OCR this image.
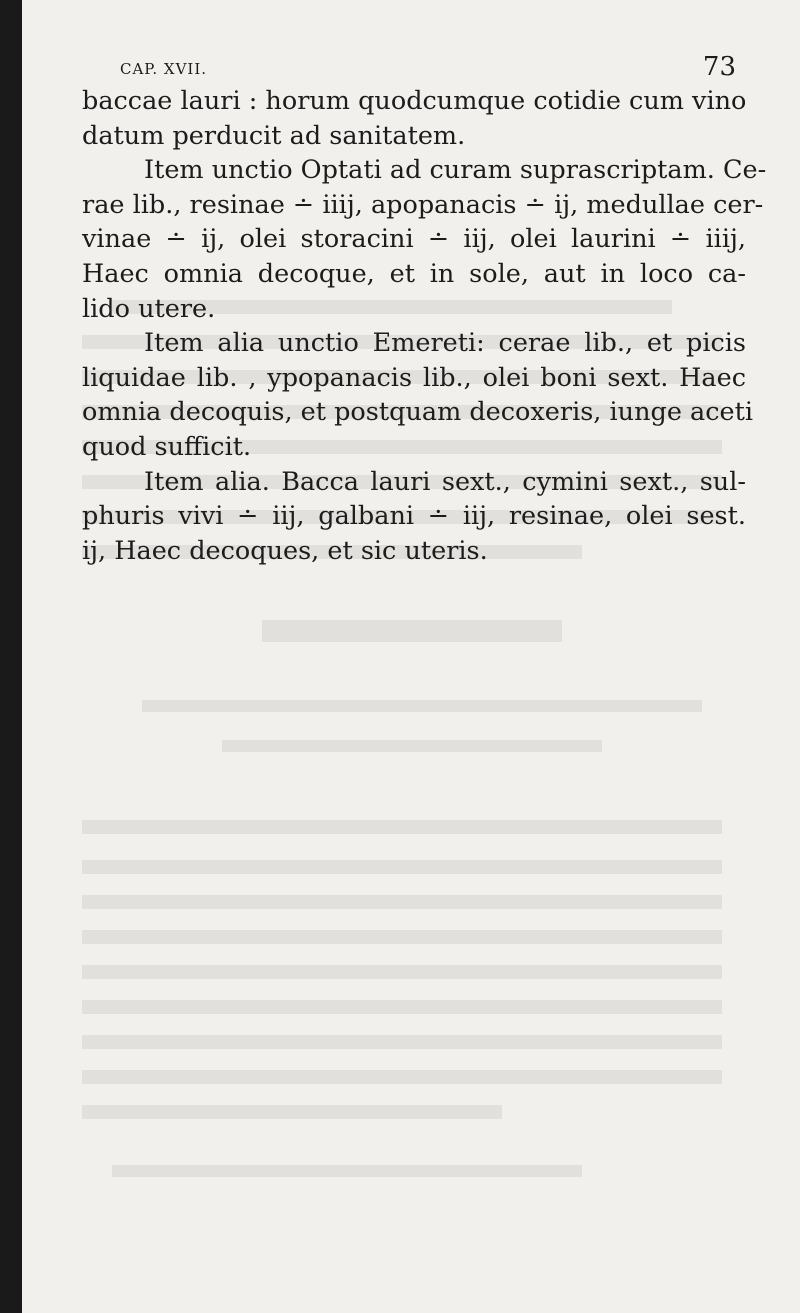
CAP. XVII.	73
baccae lauri : horum quodcumque cotidie cum vino
datum perducit ad sanitatem.
Item unctio Optati ad curam suprascriptam. Ce-
rae lib., resinae ∸ iiij, apopanacis ∸ ij, medullae cer-
vinae ∸ ij, olei storacini ∸ iij, olei laurini ∸ iiij,
Haec omnia decoque, et in sole, aut in loco ca-
lido utere.
Item alia unctio Emereti: cerae lib., et picis
liquidae lib. , ypopanacis lib., olei boni sext. Haec
omnia decoquis, et postquam decoxeris, iunge aceti
quod sufficit.
Item alia. Bacca lauri sext., cymini sext., sul-
phuris vivi ∸ iij, galbani ∸ iij, resinae, olei sest.
ij, Haec decoques, et sic uteris.
